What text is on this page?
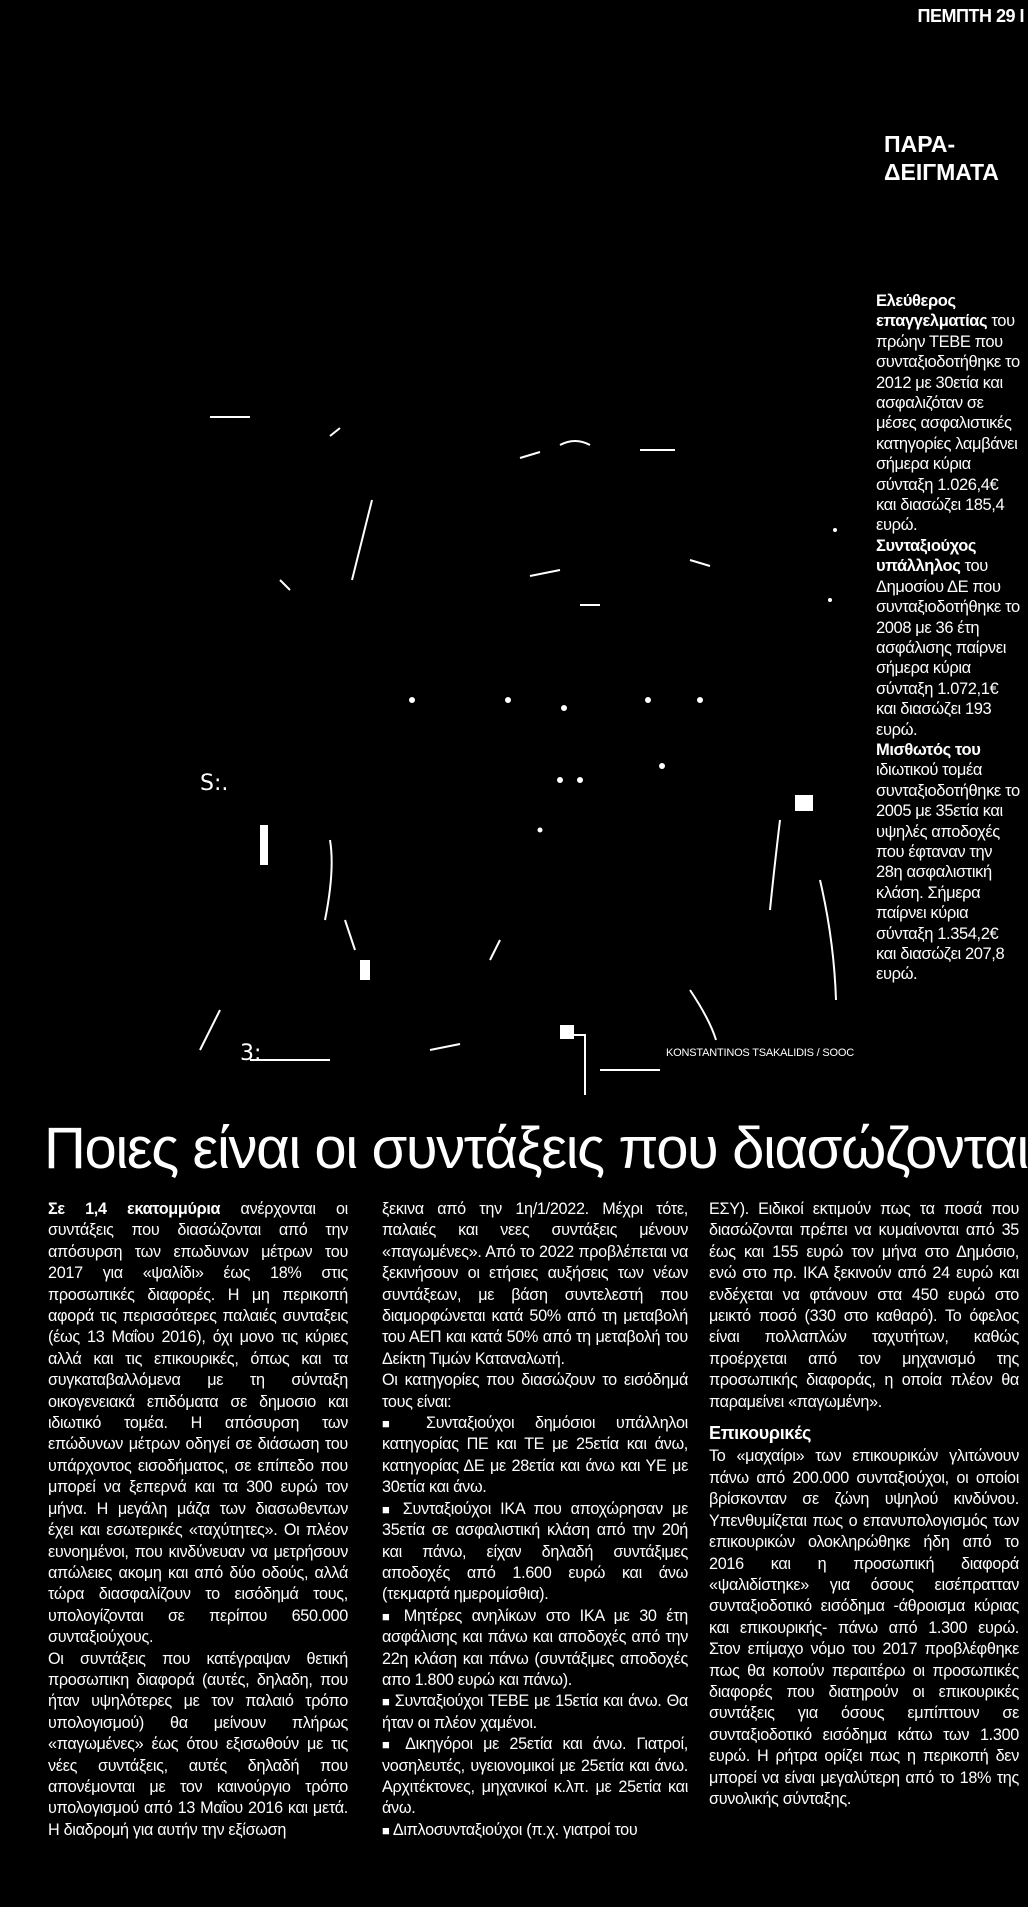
ΠΕΜΠΤΗ 29 Ι
S:.
3:	KONSTANTINOS TSAKALIDIS / SOOC
ΠΑΡΑ-
ΔΕΙΓΜΑΤΑ

Ελεύθερος επαγγελματίας του πρώην ΤΕΒΕ που συνταξιοδοτήθηκε το 2012 με 30ετία και ασφαλιζόταν σε μέσες ασφαλιστικές κατηγορίες λαμβάνει σήμερα κύρια σύνταξη 1.026,4€ και διασώζει 185,4 ευρώ.

Συνταξιούχος υπάλληλος του Δημοσίου ΔΕ που συνταξιοδοτήθηκε το 2008 με 36 έτη ασφάλισης παίρνει σήμερα κύρια σύνταξη 1.072,1€ και διασώζει 193 ευρώ.

Μισθωτός του ιδιωτικού τομέα συνταξιοδοτήθηκε το 2005 με 35ετία και υψηλές αποδοχές που έφταναν την 28η ασφαλιστική κλάση. Σήμερα παίρνει κύρια σύνταξη 1.354,2€ και διασώζει 207,8 ευρώ.

Ποιες είναι οι συντάξεις που διασώζονται

Σε 1,4 εκατομμύρια ανέρχονται οι συντάξεις που διασώζονται από την απόσυρση των επωδυνων μέτρων του 2017 για «ψαλίδι» έως 18% στις προσωπικές διαφορές. Η μη περικοπή αφορά τις περισσότερες παλαιές συνταξεις (έως 13 Μαΐου 2016), όχι μονο τις κύριες αλλά και τις επικουρικές, όπως και τα συγκαταβαλλόμενα με τη σύνταξη οικογενειακά επιδόματα σε δημοσιο και ιδιωτικό τομέα. Η απόσυρση των επώδυνων μέτρων οδηγεί σε διάσωση του υπάρχοντος εισοδήματος, σε επίπεδο που μπορεί να ξεπερνά και τα 300 ευρώ τον μήνα. Η μεγάλη μάζα των διασωθεντων έχει και εσωτερικές «ταχύτητες». Οι πλέον ευνοημένοι, που κινδύνευαν να μετρήσουν απώλειες ακομη και από δύο οδούς, αλλά τώρα διασφαλίζουν το εισόδημά τους, υπολογίζονται σε περίπου 650.000 συνταξιούχους.

Οι συντάξεις που κατέγραψαν θετική προσωπικη διαφορά (αυτές, δηλαδη, που ήταν υψηλότερες με τον παλαιό τρόπο υπολογισμού) θα μείνουν πλήρως «παγωμένες» έως ότου εξισωθούν με τις νέες συντάξεις, αυτές δηλαδή που απονέμονται με τον καινούργιο τρόπο υπολογισμού από 13 Μαΐου 2016 και μετά. Η διαδρομή για αυτήν την εξίσωση

ξεκινα από την 1η/1/2022. Μέχρι τότε, παλαιές και νεες συντάξεις μένουν «παγωμένες». Από το 2022 προβλέπεται να ξεκινήσουν οι ετήσιες αυξήσεις των νέων συντάξεων, με βάση συντελεστή που διαμορφώνεται κατά 50% από τη μεταβολή του ΑΕΠ και κατά 50% από τη μεταβολή του Δείκτη Τιμών Καταναλωτή.

Οι κατηγορίες που διασώζουν το εισόδημά τους είναι:

■ Συνταξιούχοι δημόσιοι υπάλληλοι κατηγορίας ΠΕ και ΤΕ με 25ετία και άνω, κατηγορίας ΔΕ με 28ετία και άνω και ΥΕ με 30ετία και άνω.

■ Συνταξιούχοι ΙΚΑ που αποχώρησαν με 35ετία σε ασφαλιστική κλάση από την 20ή και πάνω, είχαν δηλαδή συντάξιμες αποδοχές από 1.600 ευρώ και άνω (τεκμαρτά ημερομίσθια).

■ Μητέρες ανηλίκων στο ΙΚΑ με 30 έτη ασφάλισης και πάνω και αποδοχές από την 22η κλάση και πάνω (συντάξιμες αποδοχές απο 1.800 ευρώ και πάνω).

■ Συνταξιούχοι ΤΕΒΕ με 15ετία και άνω. Θα ήταν οι πλέον χαμένοι.

■ Δικηγόροι με 25ετία και άνω. Γιατροί, νοσηλευτές, υγειονομικοί με 25ετία και άνω. Αρχιτέκτονες, μηχανικοί κ.λπ. με 25ετία και άνω.

■ Διπλοσυνταξιούχοι (π.χ. γιατροί του

ΕΣΥ). Ειδικοί εκτιμούν πως τα ποσά που διασώζονται πρέπει να κυμαίνονται από 35 έως και 155 ευρώ τον μήνα στο Δημόσιο, ενώ στο πρ. ΙΚΑ ξεκινούν από 24 ευρώ και ενδέχεται να φτάνουν στα 450 ευρώ στο μεικτό ποσό (330 στο καθαρό). Το όφελος είναι πολλαπλών ταχυτήτων, καθώς προέρχεται από τον μηχανισμό της προσωπικής διαφοράς, η οποία πλέον θα παραμείνει «παγωμένη».

Επικουρικές

Το «μαχαίρι» των επικουρικών γλιτώνουν πάνω από 200.000 συνταξιούχοι, οι οποίοι βρίσκονταν σε ζώνη υψηλού κινδύνου. Υπενθυμίζεται πως ο επανυπολογισμός των επικουρικών ολοκληρώθηκε ήδη από το 2016 και η προσωπική διαφορά «ψαλιδίστηκε» για όσους εισέπρατταν συνταξιοδοτικό εισόδημα -άθροισμα κύριας και επικουρικής- πάνω από 1.300 ευρώ. Στον επίμαχο νόμο του 2017 προβλέφθηκε πως θα κοπούν περαιτέρω οι προσωπικές διαφορές που διατηρούν οι επικουρικές συντάξεις για όσους εμπίπτουν σε συνταξιοδοτικό εισόδημα κάτω των 1.300 ευρώ. Η ρήτρα ορίζει πως η περικοπή δεν μπορεί να είναι μεγαλύτερη από το 18% της συνολικής σύνταξης.
